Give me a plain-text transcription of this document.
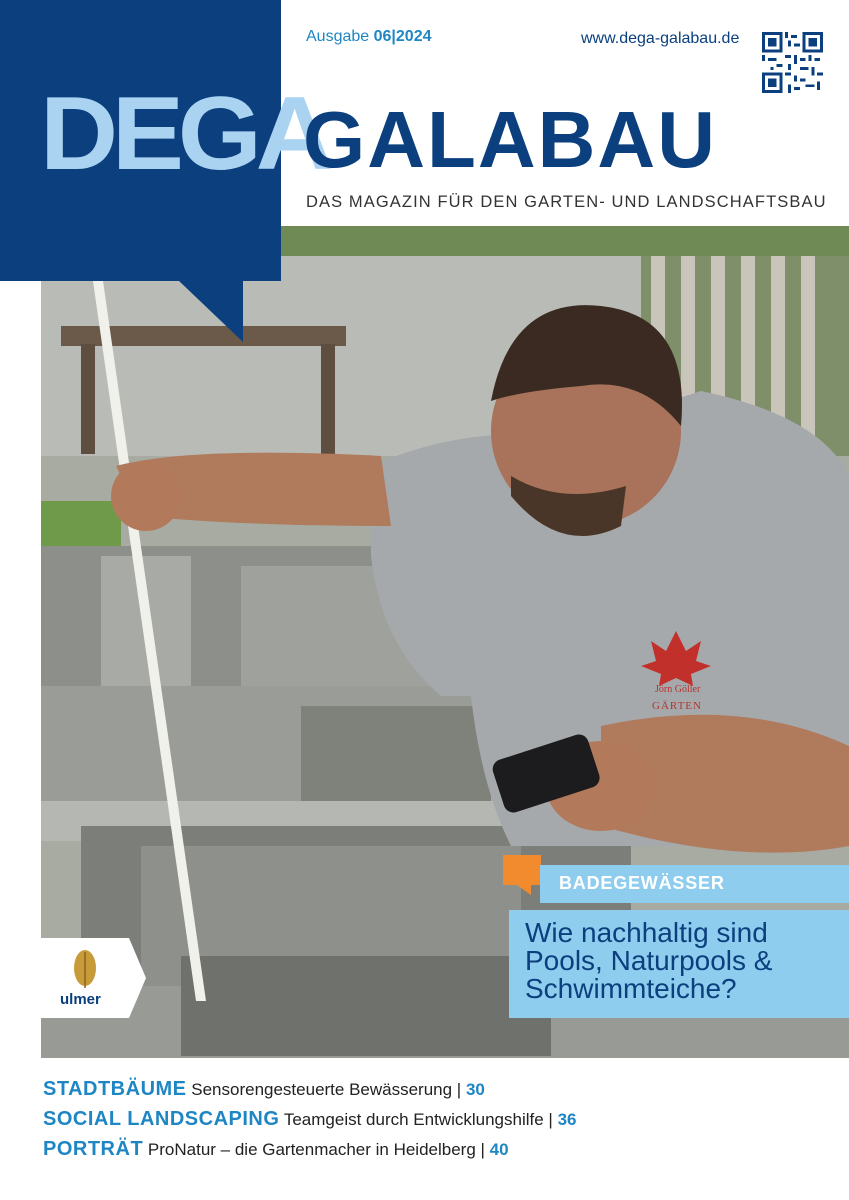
Jörn Göller
GÄRTEN
DEGA
Ausgabe 06|2024	www.dega-galabau.de
GALABAU
DAS MAGAZIN FÜR DEN GARTEN- UND LANDSCHAFTSBAU
BADEGEWÄSSER
Wie nachhaltig sind Pools, Naturpools & Schwimmteiche?
ulmer
STADTBÄUME Sensorengesteuerte Bewässerung | 30
SOCIAL LANDSCAPING Teamgeist durch Entwicklungshilfe | 36
PORTRÄT ProNatur – die Gartenmacher in Heidelberg | 40
